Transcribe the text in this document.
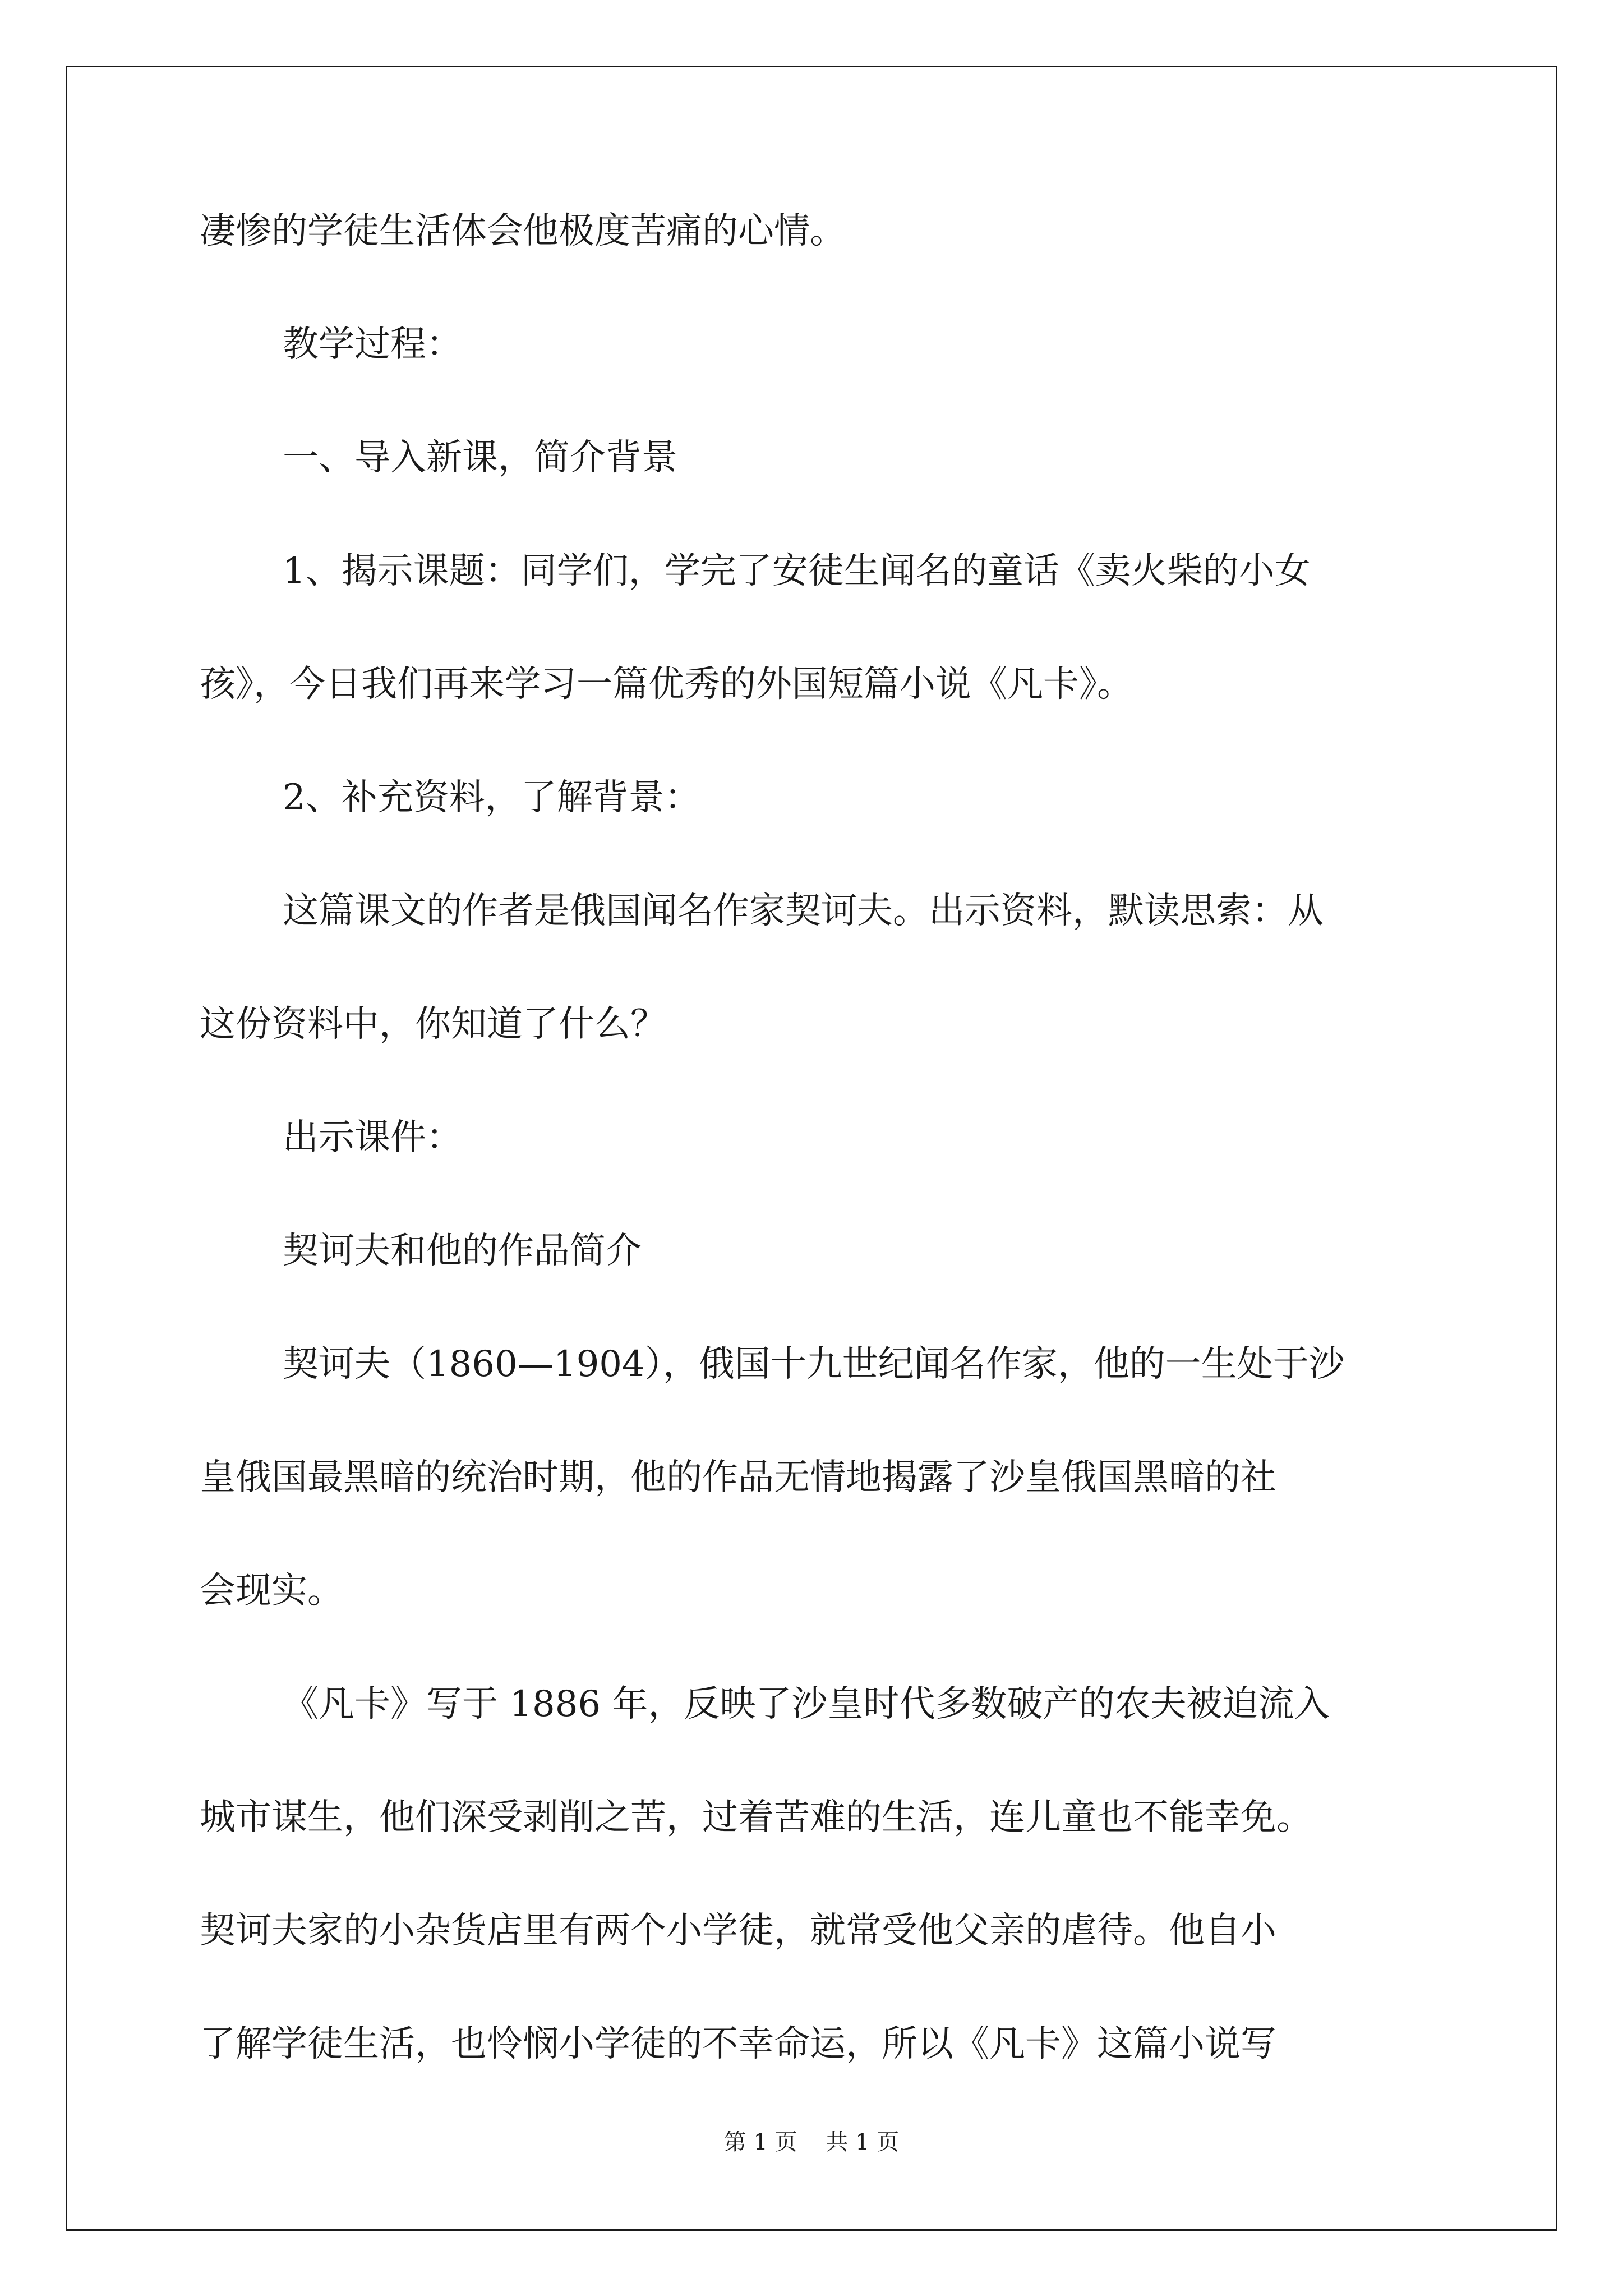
凄惨的学徒生活体会他极度苦痛的心情。
教学过程：
一、导入新课，简介背景
1、揭示课题：同学们，学完了安徒生闻名的童话《卖火柴的小女
孩》，今日我们再来学习一篇优秀的外国短篇小说《凡卡》。
2、补充资料，了解背景：
这篇课文的作者是俄国闻名作家契诃夫。出示资料，默读思索：从
这份资料中，你知道了什么？
出示课件：
契诃夫和他的作品简介
契诃夫（1860—1904），俄国十九世纪闻名作家，他的一生处于沙
皇俄国最黑暗的统治时期，他的作品无情地揭露了沙皇俄国黑暗的社
会现实。
《凡卡》写于 1886 年，反映了沙皇时代多数破产的农夫被迫流入
城市谋生，他们深受剥削之苦，过着苦难的生活，连儿童也不能幸免。
契诃夫家的小杂货店里有两个小学徒，就常受他父亲的虐待。他自小
了解学徒生活，也怜悯小学徒的不幸命运，所以《凡卡》这篇小说写
第 1 页    共 1 页
